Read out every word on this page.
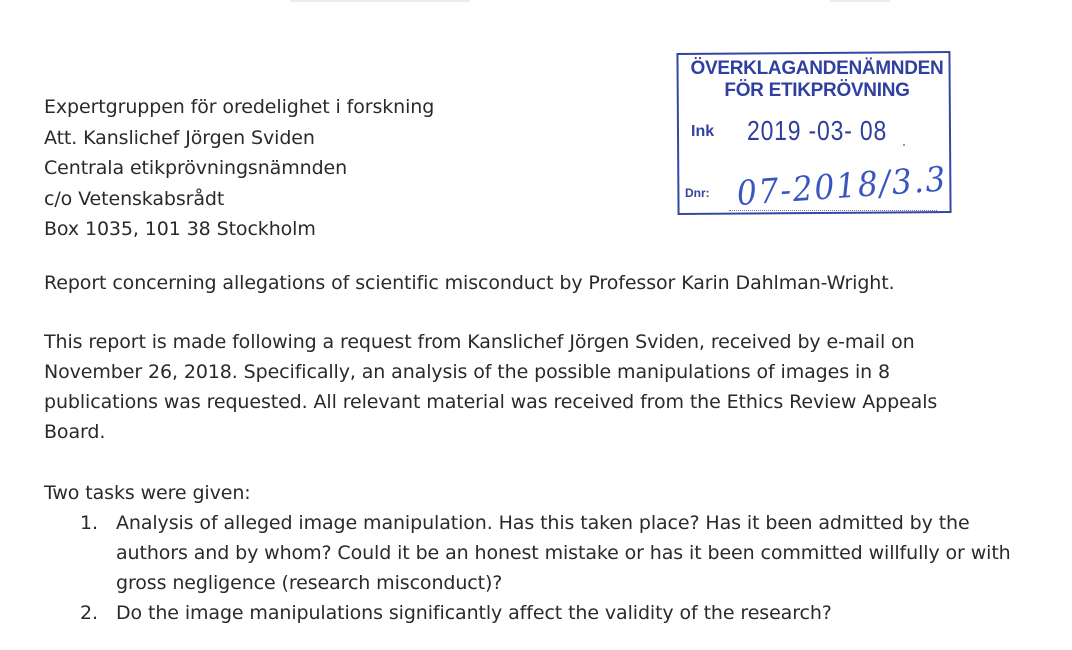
Expertgruppen för oredelighet i forskning
Att. Kanslichef Jörgen Sviden
Centrala etikprövningsnämnden
c/o Vetenskabsrådt
Box 1035, 101 38 Stockholm
ÖVERKLAGANDENÄMNDEN
FÖR ETIKPRÖVNING
Ink 2019 -03- 08
Dnr: 07-2018/3.3
Report concerning allegations of scientific misconduct by Professor Karin Dahlman-Wright.
This report is made following a request from Kanslichef Jörgen Sviden, received by e-mail on November 26, 2018. Specifically, an analysis of the possible manipulations of images in 8 publications was requested. All relevant material was received from the Ethics Review Appeals Board.
Two tasks were given:
1. Analysis of alleged image manipulation. Has this taken place? Has it been admitted by the authors and by whom? Could it be an honest mistake or has it been committed willfully or with gross negligence (research misconduct)?
2. Do the image manipulations significantly affect the validity of the research?
